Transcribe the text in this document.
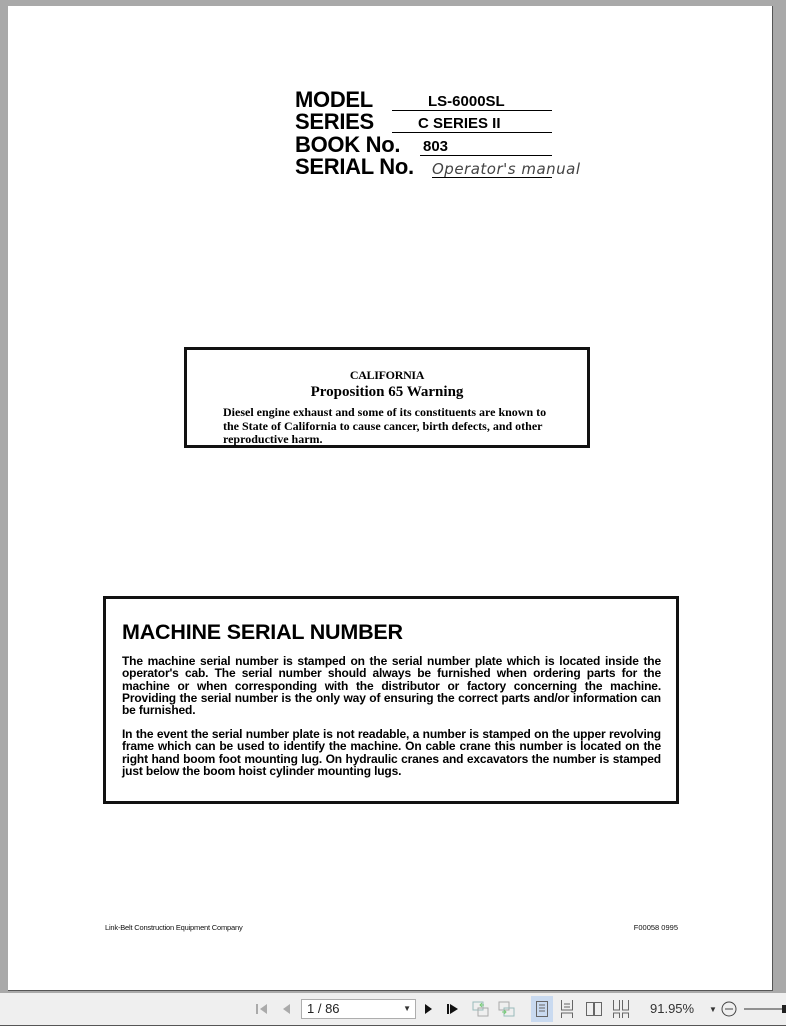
MODEL	LS-6000SL
SERIES	C SERIES II
BOOK No. 803
SERIAL No. Operator's manual
CALIFORNIA
Proposition 65 Warning
Diesel engine exhaust and some of its constituents are known to the State of California to cause cancer, birth defects, and other reproductive harm.
MACHINE SERIAL NUMBER
The machine serial number is stamped on the serial number plate which is located inside the operator's cab. The serial number should always be furnished when ordering parts for the machine or when corresponding with the distributor or factory concerning the machine. Providing the serial number is the only way of ensuring the correct parts and/or information can be furnished.
In the event the serial number plate is not readable, a number is stamped on the upper revolving frame which can be used to identify the machine. On cable crane this number is located on the right hand boom foot mounting lug. On hydraulic cranes and excavators the number is stamped just below the boom hoist cylinder mounting lugs.
Link-Belt Construction Equipment Company	F00058 0995
1 / 86	▼	91.95% ▼
